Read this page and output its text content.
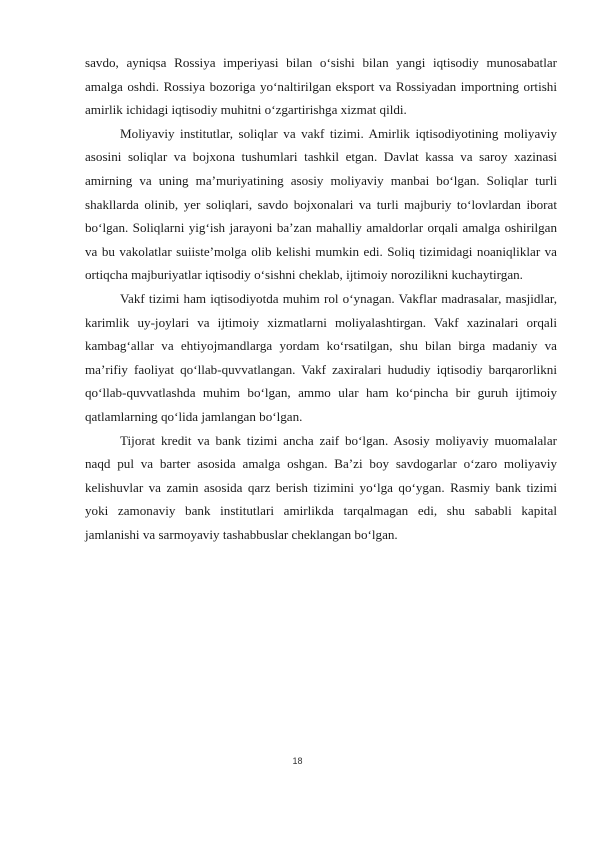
savdo, ayniqsa Rossiya imperiyasi bilan o‘sishi bilan yangi iqtisodiy munosabatlar amalga oshdi. Rossiya bozoriga yo‘naltirilgan eksport va Rossiyadan importning ortishi amirlik ichidagi iqtisodiy muhitni o‘zgartirishga xizmat qildi.

Moliyaviy institutlar, soliqlar va vakf tizimi. Amirlik iqtisodiyotining moliyaviy asosini soliqlar va bojxona tushumlari tashkil etgan. Davlat kassa va saroy xazinasi amirning va uning ma’muriyatining asosiy moliyaviy manbai bo‘lgan. Soliqlar turli shakllarda olinib, yer soliqlari, savdo bojxonalari va turli majburiy to‘lovlardan iborat bo‘lgan. Soliqlarni yig‘ish jarayoni ba’zan mahalliy amaldorlar orqali amalga oshirilgan va bu vakolatlar suiiste’molga olib kelishi mumkin edi. Soliq tizimidagi noaniqliklar va ortiqcha majburiyatlar iqtisodiy o‘sishni cheklab, ijtimoiy norozilikni kuchaytirgan.

Vakf tizimi ham iqtisodiyotda muhim rol o‘ynagan. Vakflar madrasalar, masjidlar, karimlik uy-joylari va ijtimoiy xizmatlarni moliyalashtirgan. Vakf xazinalari orqali kambag‘allar va ehtiyojmandlarga yordam ko‘rsatilgan, shu bilan birga madaniy va ma’rifiy faoliyat qo‘llab-quvvatlangan. Vakf zaxiralari hududiy iqtisodiy barqarorlikni qo‘llab-quvvatlashda muhim bo‘lgan, ammo ular ham ko‘pincha bir guruh ijtimoiy qatlamlarning qo‘lida jamlangan bo‘lgan.

Tijorat kredit va bank tizimi ancha zaif bo‘lgan. Asosiy moliyaviy muomalalar naqd pul va barter asosida amalga oshgan. Ba’zi boy savdogarlar o‘zaro moliyaviy kelishuvlar va zamin asosida qarz berish tizimini yo‘lga qo‘ygan. Rasmiy bank tizimi yoki zamonaviy bank institutlari amirlikda tarqalmagan edi, shu sababli kapital jamlanishi va sarmoyaviy tashabbuslar cheklangan bo‘lgan.

18
